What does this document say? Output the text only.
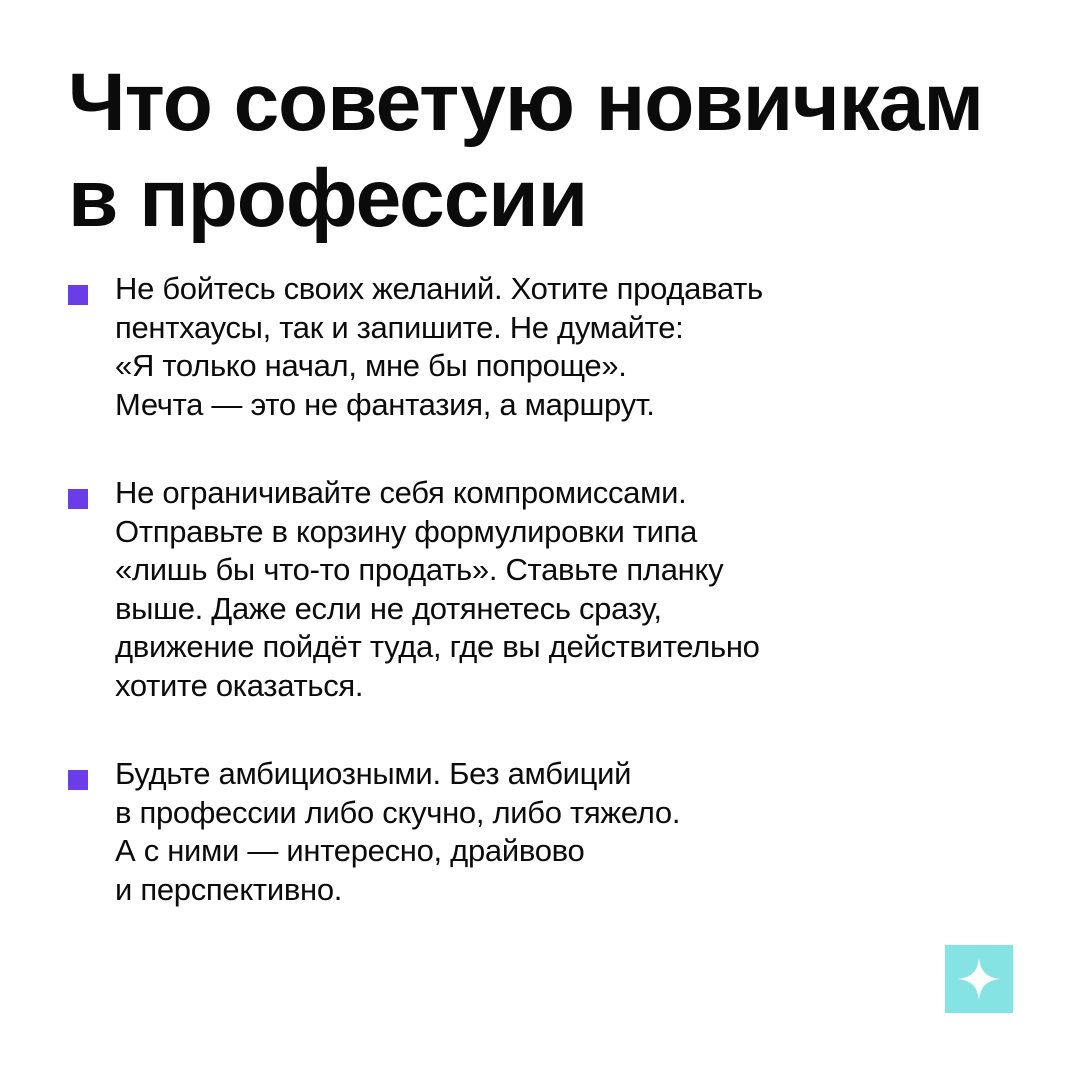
Что советую новичкам
в профессии

Не бойтесь своих желаний. Хотите продавать
пентхаусы, так и запишите. Не думайте:
«Я только начал, мне бы попроще».
Мечта — это не фантазия, а маршрут.

Не ограничивайте себя компромиссами.
Отправьте в корзину формулировки типа
«лишь бы что-то продать». Ставьте планку
выше. Даже если не дотянетесь сразу,
движение пойдёт туда, где вы действительно
хотите оказаться.

Будьте амбициозными. Без амбиций
в профессии либо скучно, либо тяжело.
А с ними — интересно, драйвово
и перспективно.
